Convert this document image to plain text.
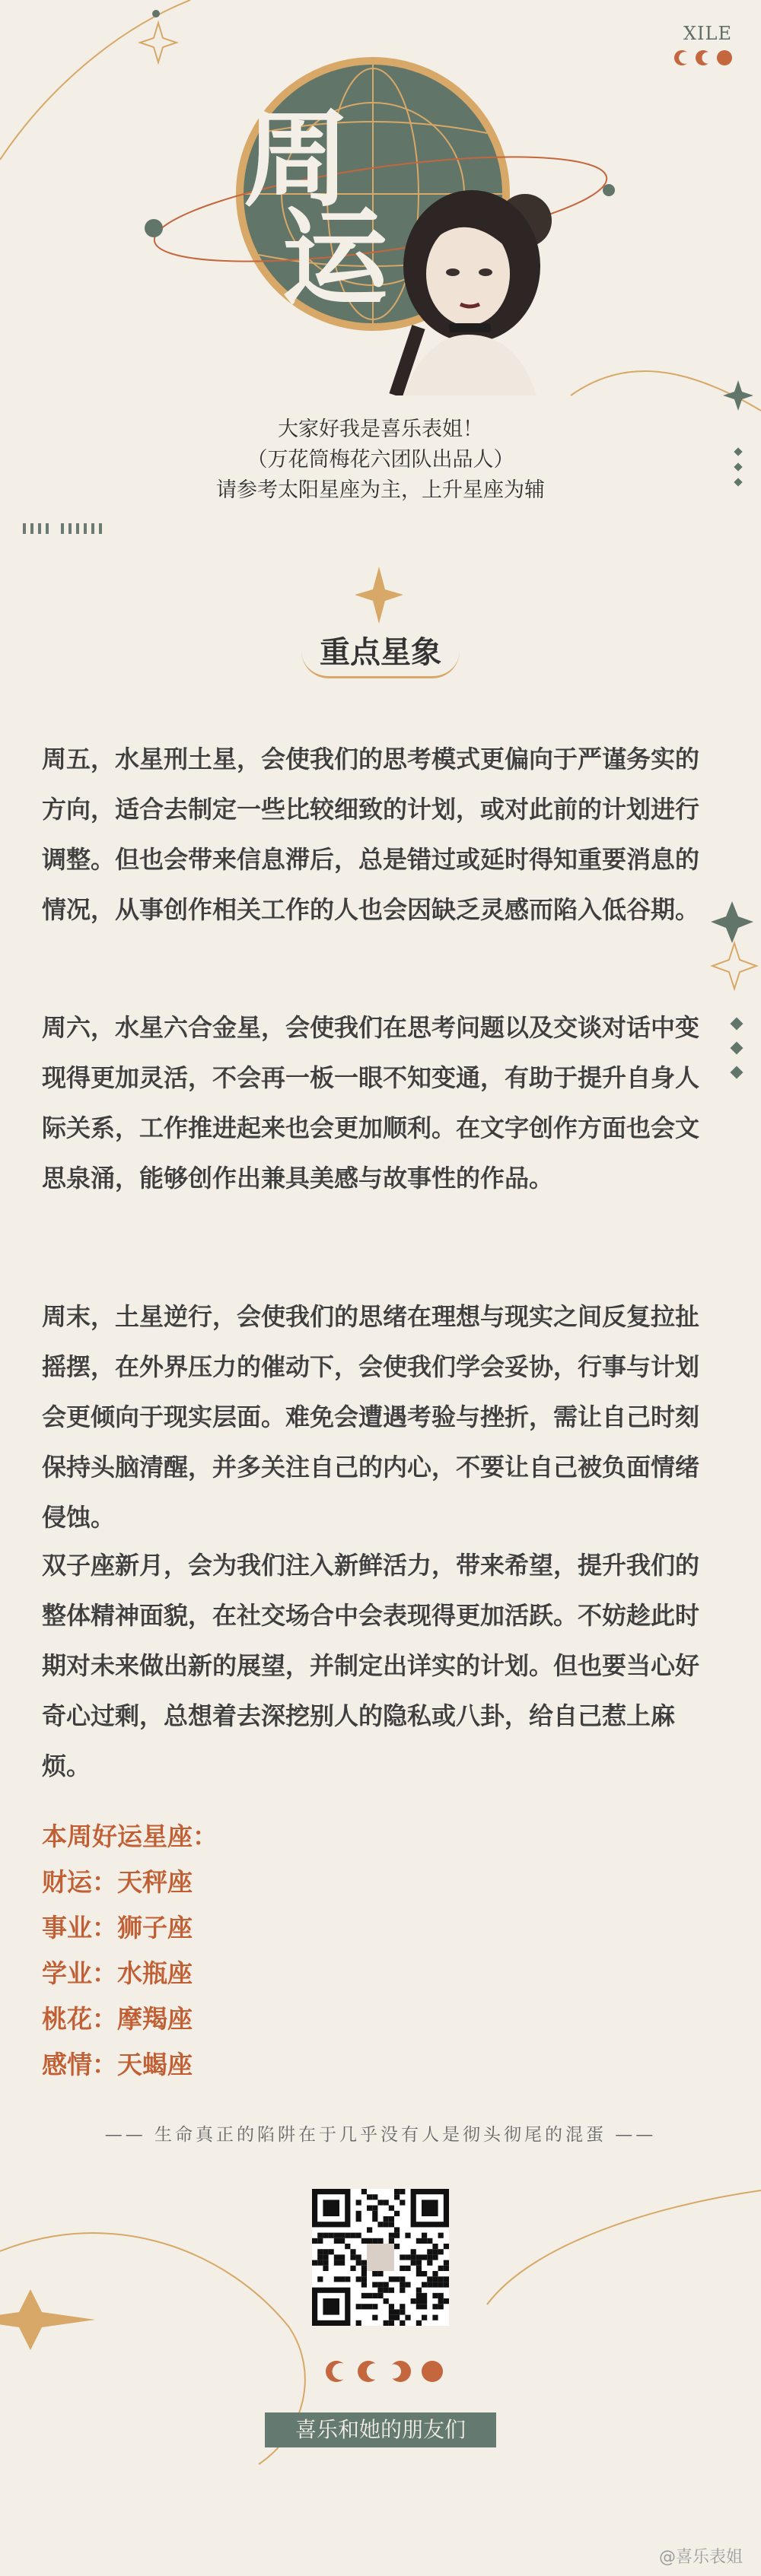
XILE
周
运
大家好我是喜乐表姐！
（万花筒梅花六团队出品人）
请参考太阳星座为主，上升星座为辅
重点星象
周五，水星刑土星，会使我们的思考模式更偏向于严谨务实的方向，适合去制定一些比较细致的计划，或对此前的计划进行调整。但也会带来信息滞后，总是错过或延时得知重要消息的情况，从事创作相关工作的人也会因缺乏灵感而陷入低谷期。
周六，水星六合金星，会使我们在思考问题以及交谈对话中变现得更加灵活，不会再一板一眼不知变通，有助于提升自身人际关系，工作推进起来也会更加顺利。在文字创作方面也会文思泉涌，能够创作出兼具美感与故事性的作品。
周末，土星逆行，会使我们的思绪在理想与现实之间反复拉扯摇摆，在外界压力的催动下，会使我们学会妥协，行事与计划会更倾向于现实层面。难免会遭遇考验与挫折，需让自己时刻保持头脑清醒，并多关注自己的内心，不要让自己被负面情绪侵蚀。
双子座新月，会为我们注入新鲜活力，带来希望，提升我们的整体精神面貌，在社交场合中会表现得更加活跃。不妨趁此时期对未来做出新的展望，并制定出详实的计划。但也要当心好奇心过剩，总想着去深挖别人的隐私或八卦，给自己惹上麻烦。
本周好运星座：
财运：天秤座
事业：狮子座
学业：水瓶座
桃花：摩羯座
感情：天蝎座
—— 生命真正的陷阱在于几乎没有人是彻头彻尾的混蛋 ——
喜乐和她的朋友们
@喜乐表姐
